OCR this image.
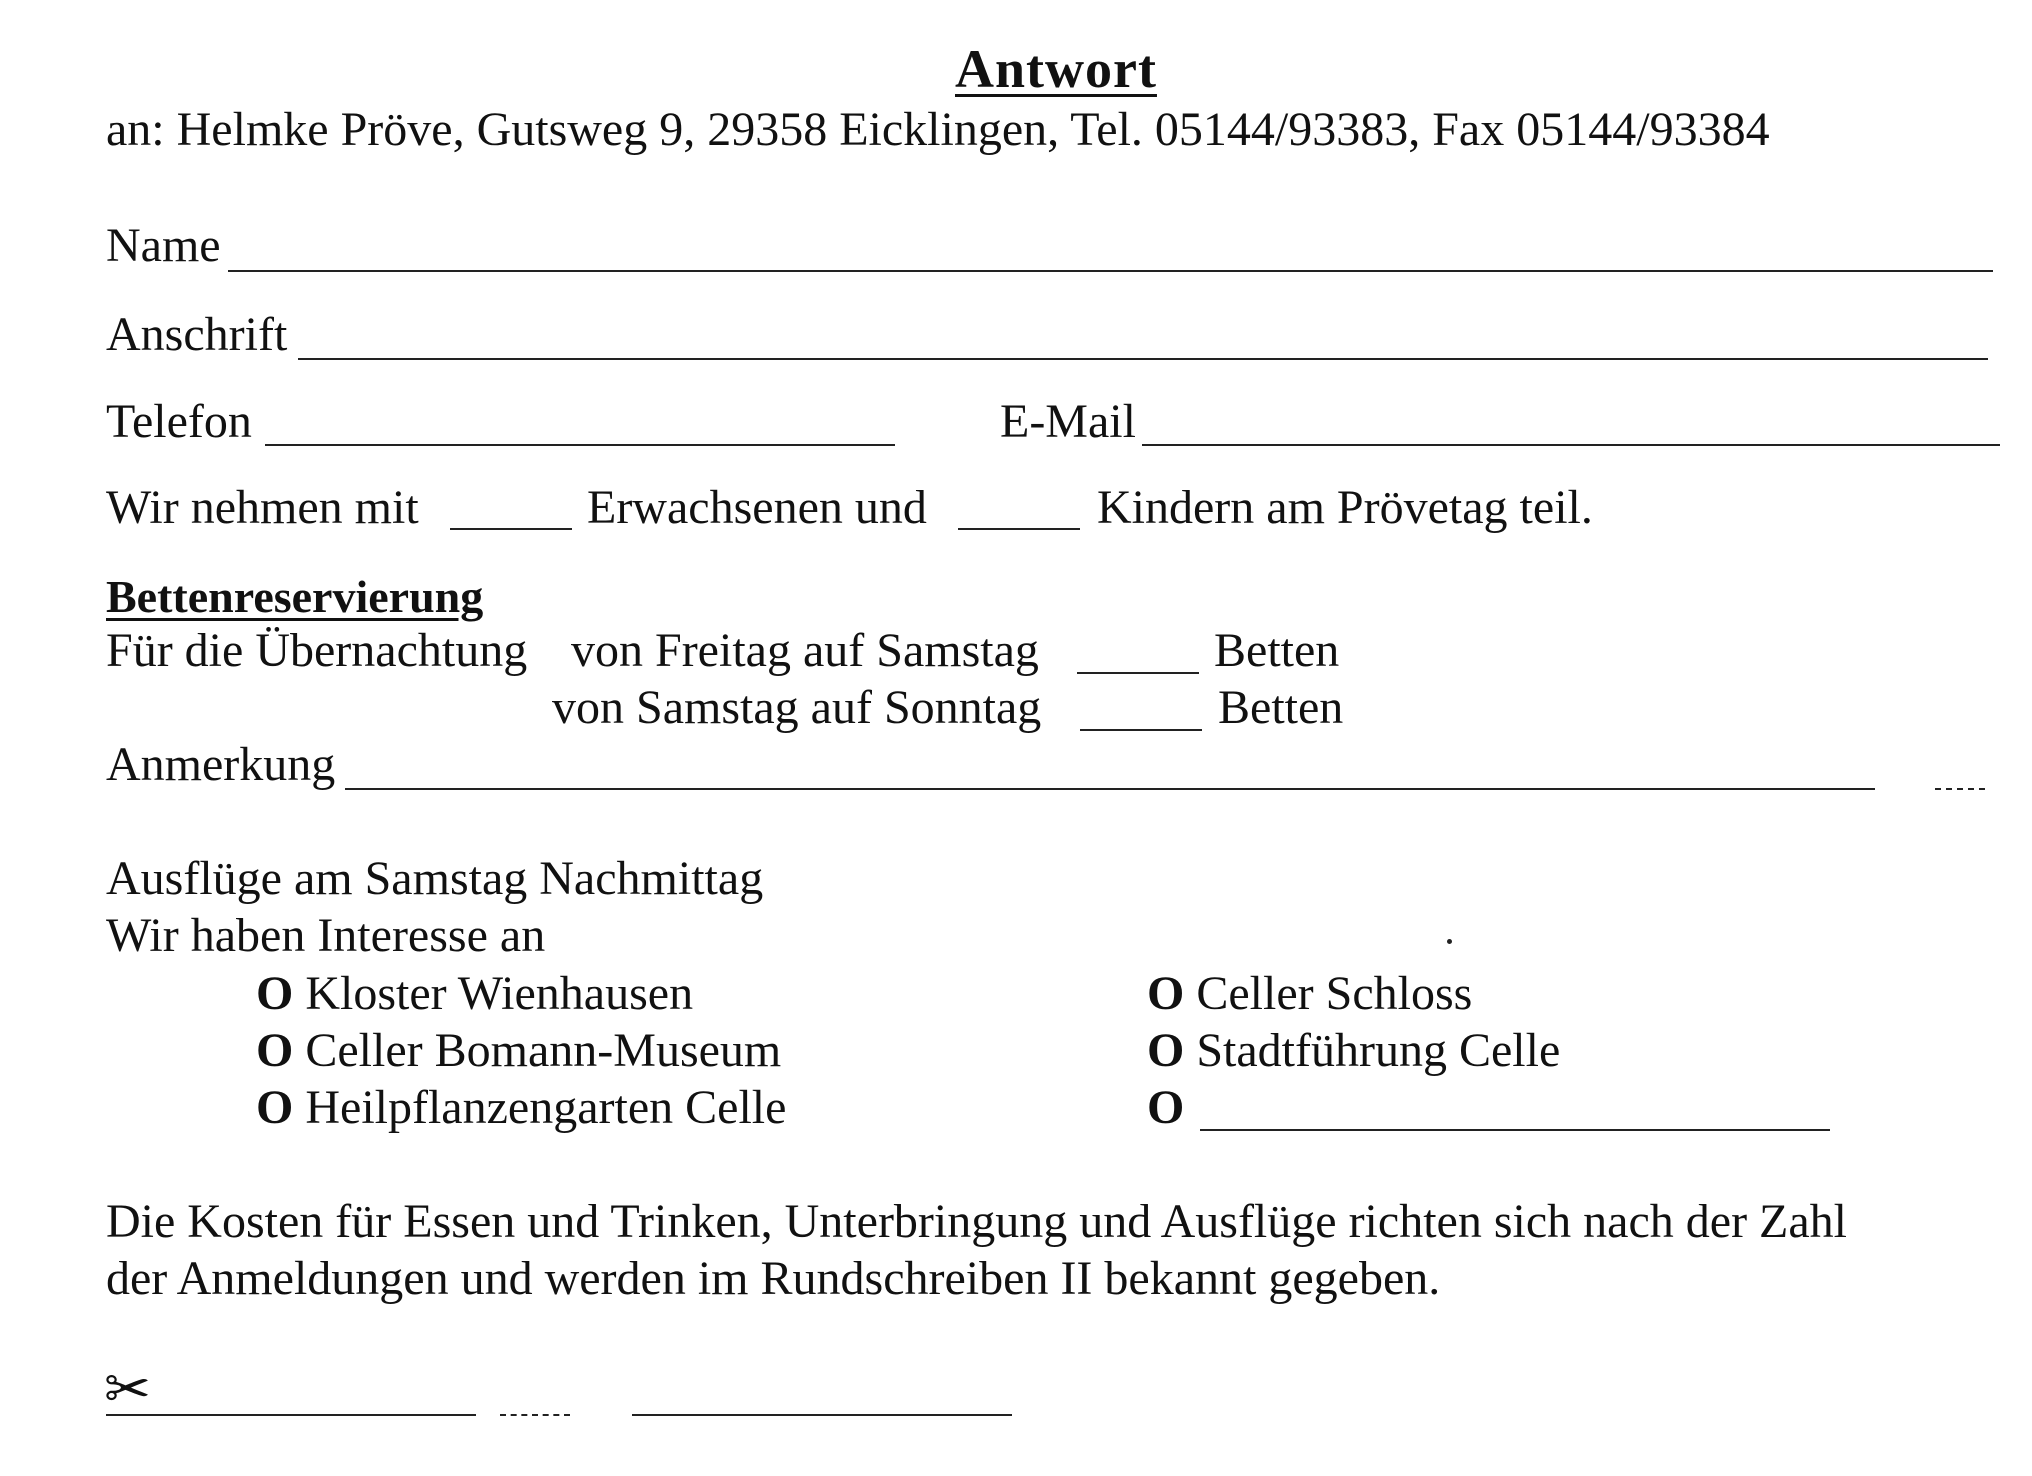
Antwort
an: Helmke Pröve, Gutsweg 9, 29358 Eicklingen, Tel. 05144/93383, Fax 05144/93384
Name
Anschrift
Telefon	E-Mail
Wir nehmen mit	Erwachsenen und	Kindern am Prövetag teil.
Bettenreservierung
Für die Übernachtung von Freitag auf Samstag	Betten
von Samstag auf Sonntag	Betten
Anmerkung
Ausflüge am Samstag Nachmittag
Wir haben Interesse an
O Kloster Wienhausen
O Celler Bomann-Museum
O Heilpflanzengarten Celle
O Celler Schloss
O Stadtführung Celle
O
Die Kosten für Essen und Trinken, Unterbringung und Ausflüge richten sich nach der Zahl
der Anmeldungen und werden im Rundschreiben II bekannt gegeben.
✂
